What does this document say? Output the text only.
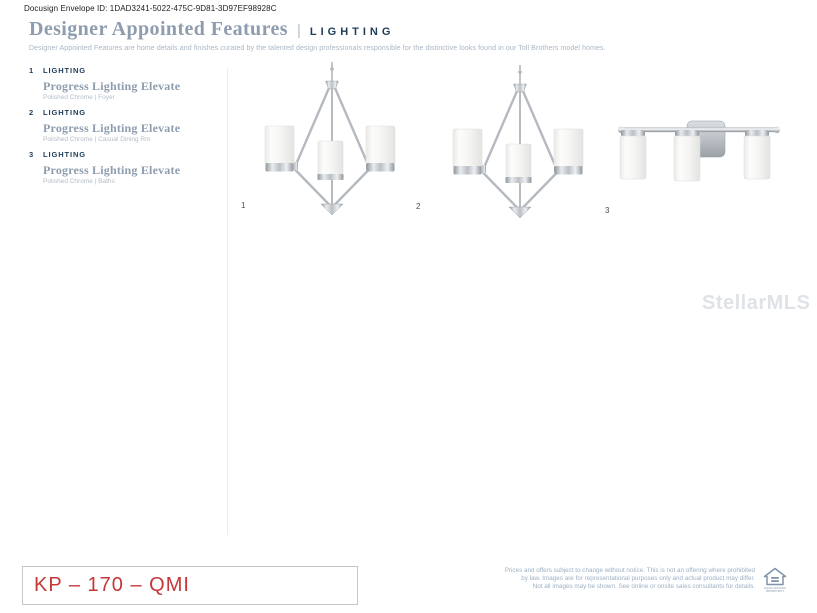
Docusign Envelope ID: 1DAD3241-5022-475C-9D81-3D97EF98928C
Designer Appointed Features | LIGHTING
Designer Appointed Features are home details and finishes curated by the talented design professionals responsible for the distinctive looks found in our Toll Brothers model homes.
1 LIGHTING
Progress Lighting Elevate
Polished Chrome | Foyer
2 LIGHTING
Progress Lighting Elevate
Polished Chrome | Casual Dining Rm
3 LIGHTING
Progress Lighting Elevate
Polished Chrome | Baths
1	2	3
StellarMLS
KP – 170 – QMI
Prices and offers subject to change without notice. This is not an offering where prohibited
by law. Images are for representational purposes only and actual product may differ.
Not all images may be shown. See online or onsite sales consultants for details.	EQUAL HOUSING
OPPORTUNITY
